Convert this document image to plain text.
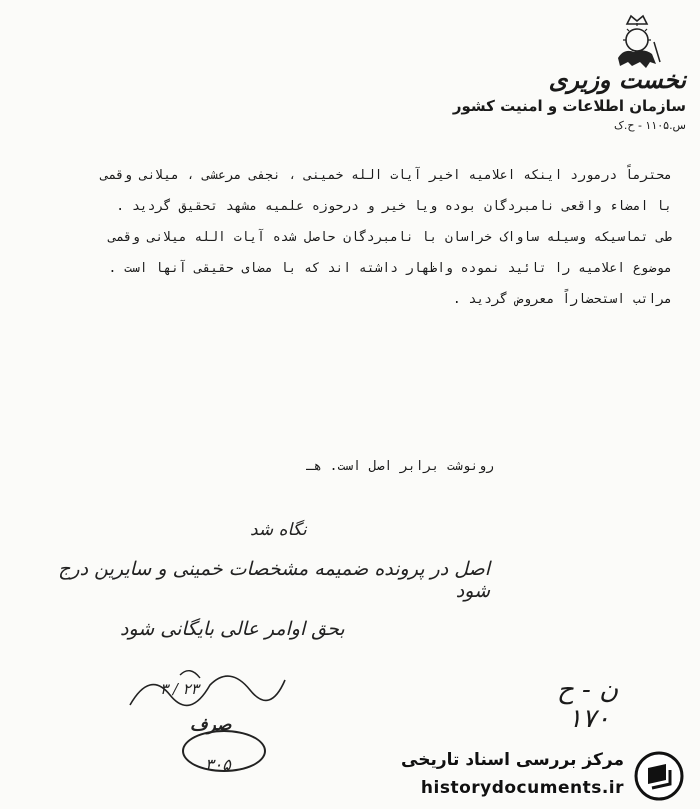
نخست وزیری
سازمان اطلاعات و امنیت کشور
س.۱۱۰۵ - ح.ک

محترماً درمورد اینکه اعلامیه اخیر آیات الله خمینی ، نجفی مرعشی ، میلانی وقمی

با امضاء واقعی نامبردگان بوده ویا خیر و درحوزه علمیه مشهد تحقیق گردید .

طی تماسیکه وسیله ساواک خراسان با نامبردگان حاصل شده آیات الله میلانی وقمی

موضوع اعلامیه را تائید نموده واظهار داشته اند که با مضای حقیقی آنها است .

مراتب استحضاراً معروض گردید .

رونوشت برابر اصل است. هـ
نگاه شد
اصل در پرونده ضمیمه مشخصات خمینی و سایرین درج شود
بحق اوامر عالی بایگانی شود
۲۳ / ۳
صرف
۳۰۵
ن - ح
۱۷۰
مرکز بررسی اسناد تاریخی
historydocuments.ir
